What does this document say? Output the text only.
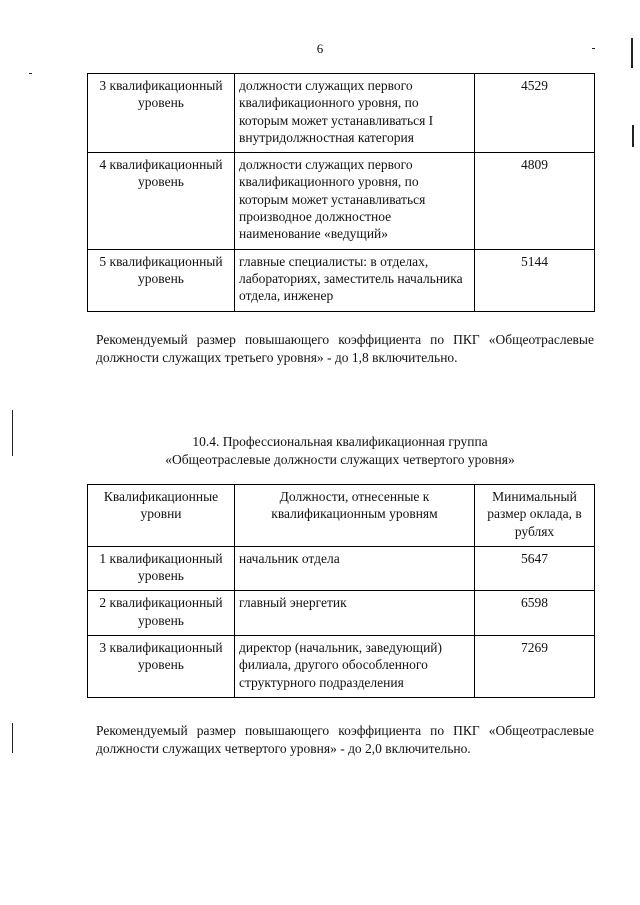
6
3 квалификационный уровень	должности служащих первого квалификационного уровня, по которым может устанавливаться I внутридолжностная категория	4529
4 квалификационный уровень	должности служащих первого квалификационного уровня, по которым может устанавливаться производное должностное наименование «ведущий»	4809
5 квалификационный уровень	главные специалисты: в отделах, лабораториях, заместитель начальника отдела, инженер	5144
Рекомендуемый размер повышающего коэффициента по ПКГ «Общеотраслевые должности служащих третьего уровня» - до 1,8 включительно.
10.4. Профессиональная квалификационная группа
«Общеотраслевые должности служащих четвертого уровня»
Квалификационные уровни	Должности, отнесенные к квалификационным уровням	Минимальный размер оклада, в рублях
1 квалификационный уровень	начальник отдела	5647
2 квалификационный уровень	главный энергетик	6598
3 квалификационный уровень	директор (начальник, заведующий) филиала, другого обособленного структурного подразделения	7269
Рекомендуемый размер повышающего коэффициента по ПКГ «Общеотраслевые должности служащих четвертого уровня» - до 2,0 включительно.
